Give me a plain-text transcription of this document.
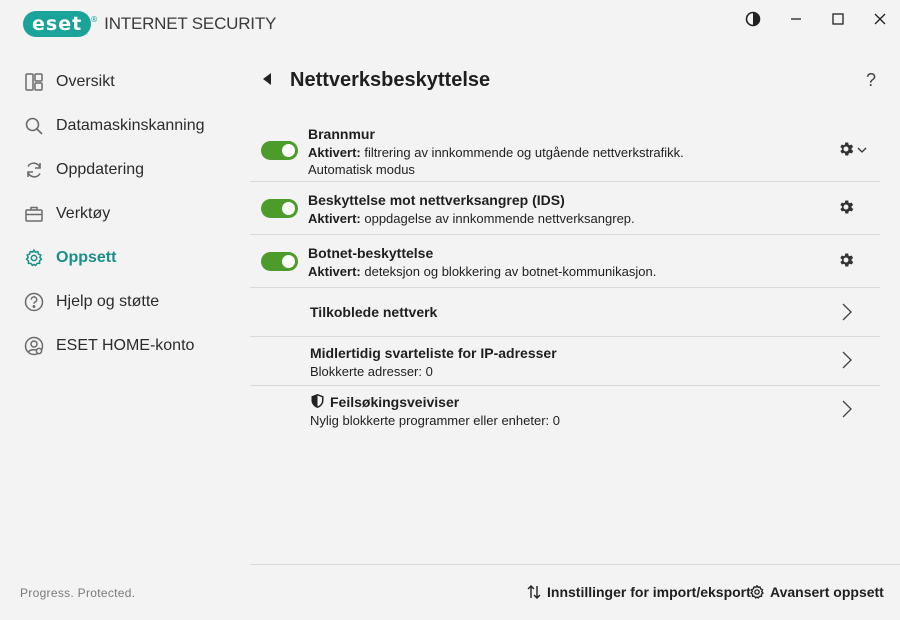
eset ® INTERNET SECURITY
Oversikt
Datamaskinskanning
Oppdatering
Verktøy
Oppsett
Hjelp og støtte
ESET HOME-konto
Progress. Protected.
Nettverksbeskyttelse	?
Brannmur
Aktivert: filtrering av innkommende og utgående nettverkstrafikk.
Automatisk modus
Beskyttelse mot nettverksangrep (IDS)
Aktivert: oppdagelse av innkommende nettverksangrep.
Botnet-beskyttelse
Aktivert: deteksjon og blokkering av botnet-kommunikasjon.
Tilkoblede nettverk
Midlertidig svarteliste for IP-adresser
Blokkerte adresser: 0
Feilsøkingsveiviser
Nylig blokkerte programmer eller enheter: 0
Innstillinger for import/eksport Avansert oppsett
